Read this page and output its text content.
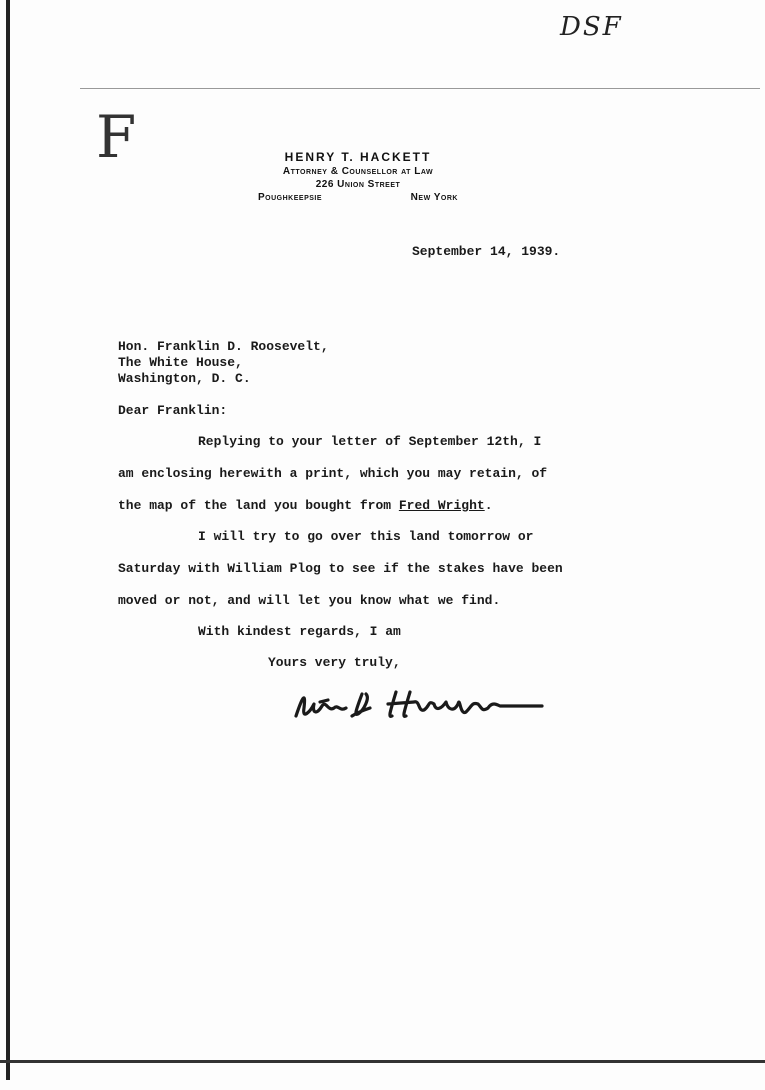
DSF
F	HENRY T. HACKETT
Attorney & Counsellor at Law
226 Union Street
Poughkeepsie	New York
September 14, 1939.
Hon. Franklin D. Roosevelt,
The White House,
Washington, D. C.
Dear Franklin:
Replying to your letter of September 12th, I
am enclosing herewith a print, which you may retain, of
the map of the land you bought from Fred Wright.
I will try to go over this land tomorrow or
Saturday with William Plog to see if the stakes have been
moved or not, and will let you know what we find.
With kindest regards, I am
Yours very truly,
